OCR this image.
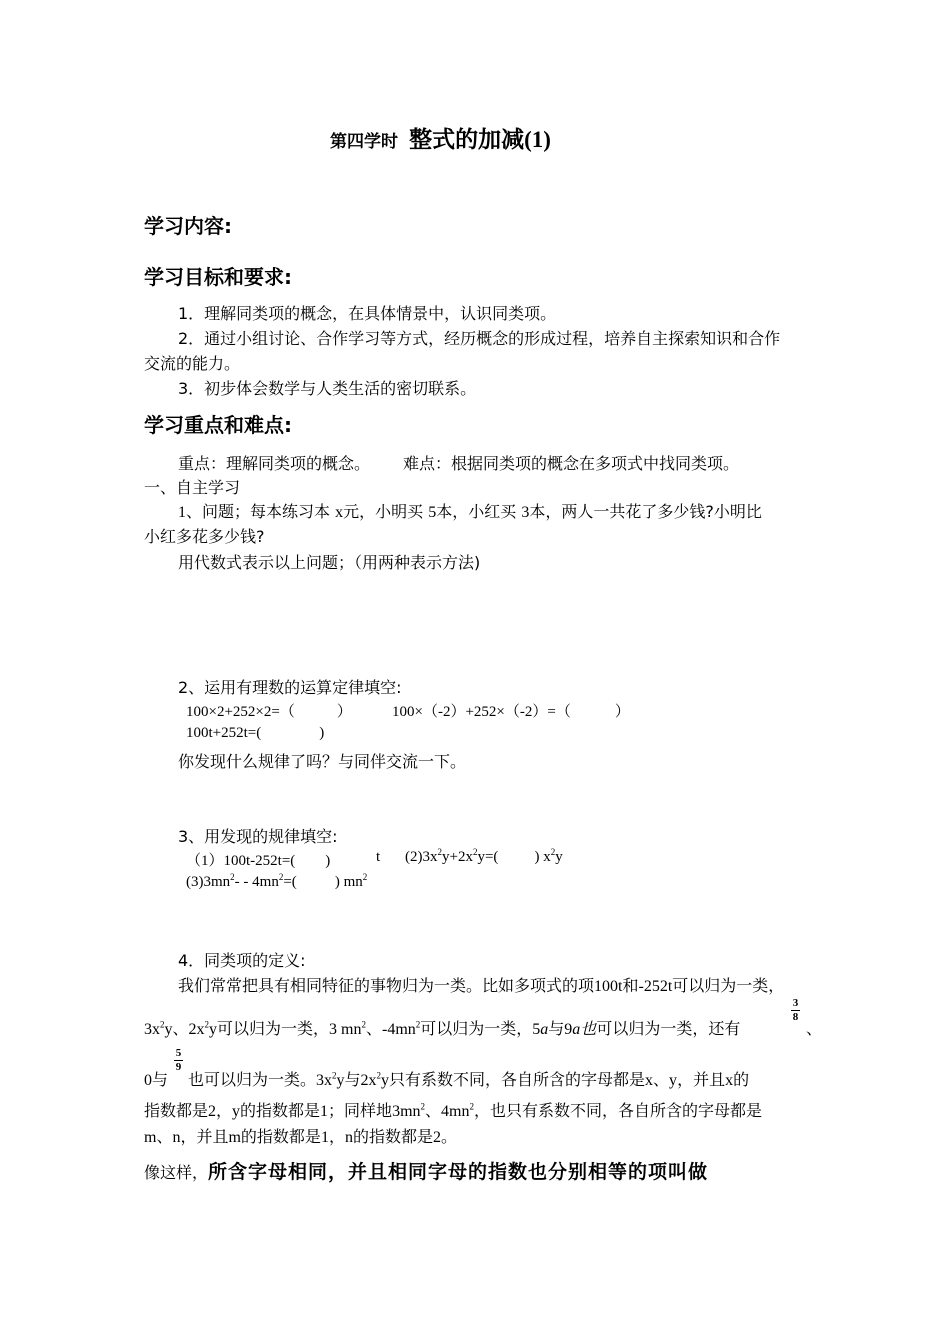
第四学时 整式的加减(1)
学习内容:
学习目标和要求:
1．理解同类项的概念，在具体情景中，认识同类项。
2．通过小组讨论、合作学习等方式，经历概念的形成过程，培养自主探索知识和合作
交流的能力。
3．初步体会数学与人类生活的密切联系。
学习重点和难点:
重点：理解同类项的概念。 难点：根据同类项的概念在多项式中找同类项。
一、自主学习
1、问题；每本练习本 x元，小明买 5本，小红买 3本，两人一共花了多少钱?小明比
小红多花多少钱?
用代数式表示以上问题；（用两种表示方法)
2、运用有理数的运算定律填空:
100×2+252×2=（	）	100×（-2）+252×（-2）=（	）
100t+252t=(	)
你发现什么规律了吗？与同伴交流一下。
3、用发现的规律填空:
（1）100t-252t=( )	t $(2)3x^2y+2x^2y=$( ) $x^2y$
$(3)3mn^2- - 4mn^2=$(	) $mn^2$
4．同类项的定义:
我们常常把具有相同特征的事物归为一类。比如多项式的项100t和-252t可以归为一类，
$3x^2y$、$2x^2y$可以归为一类，3 $mn^2$、$-4mn^2$可以归为一类，5a与9a也可以归为一类，还有
$\frac{3}{8}$
、
0与
$\frac{5}{9}$
也可以归为一类。$3x^2y$与$2x^2y$只有系数不同，各自所含的字母都是x、y，并且x的
指数都是2，y的指数都是1；同样地$3mn^2$、$4mn^2$，也只有系数不同，各自所含的字母都是
m、n，并且m的指数都是1，n的指数都是2。
像这样，所含字母相同，并且相同字母的指数也分别相等的项叫做
